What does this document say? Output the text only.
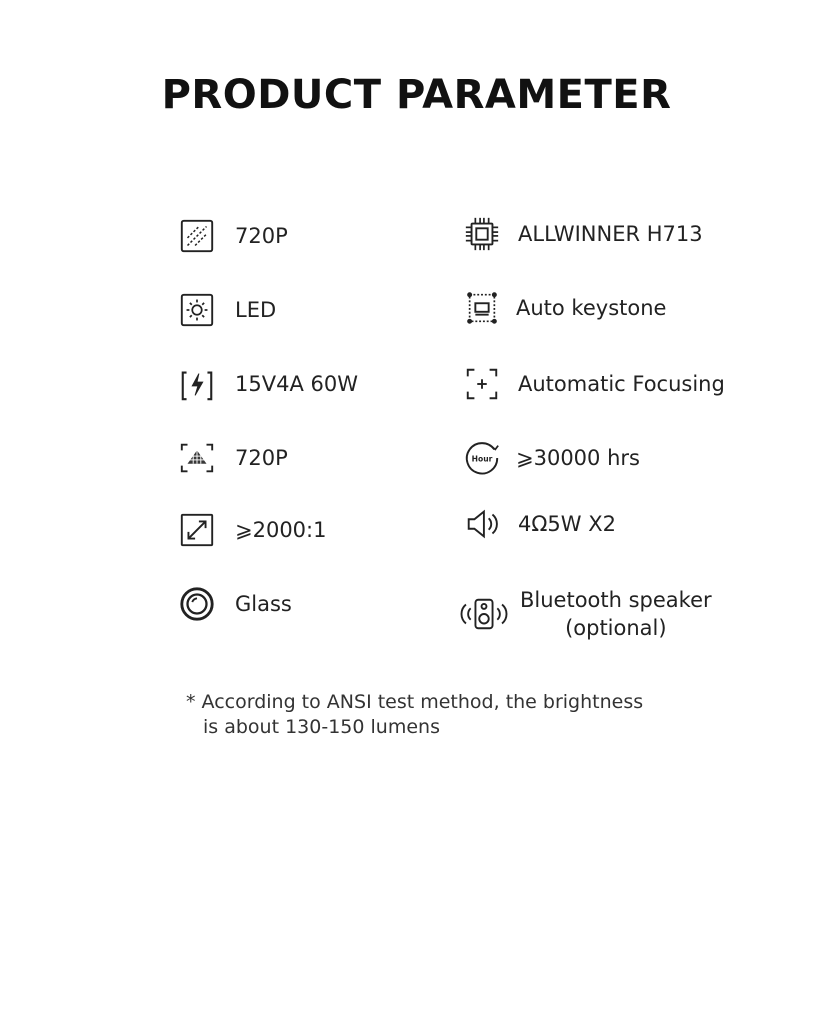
PRODUCT PARAMETER
720P
LED
15V4A 60W
720P
⩾2000:1
Glass
ALLWINNER H713
Auto keystone
Automatic Focusing
Hour ⩾30000 hrs
4Ω5W X2
Bluetooth speaker
(optional)
* According to ANSI test method, the brightness
is about 130-150 lumens
